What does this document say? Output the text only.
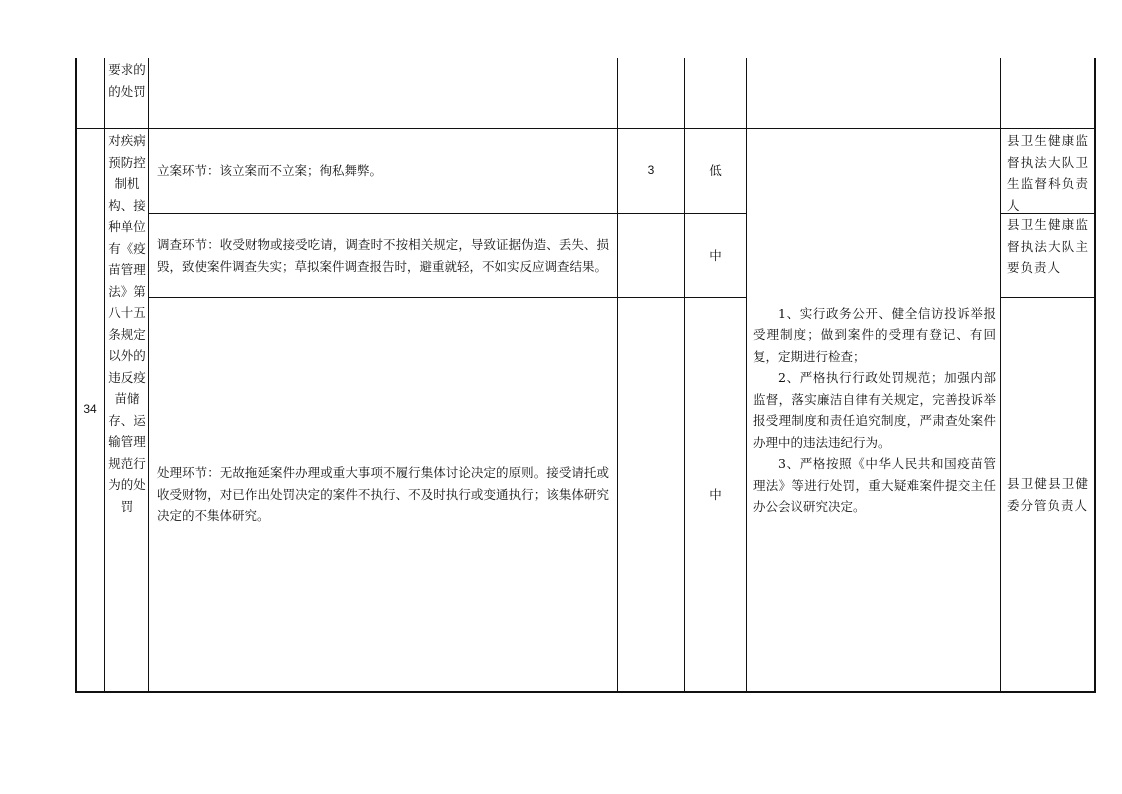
要求的的处罚
34
对疾病预防控制机构、接种单位有《疫苗管理法》第八十五条规定以外的违反疫苗储存、运输管理规范行为的处罚
立案环节：该立案而不立案；徇私舞弊。	3	低
县卫生健康监督执法大队卫生监督科负责人
调查环节：收受财物或接受吃请，调查时不按相关规定，导致证据伪造、丢失、损毁，致使案件调查失实；草拟案件调查报告时，避重就轻，不如实反应调查结果。
中
县卫生健康监督执法大队主要负责人
处理环节：无故拖延案件办理或重大事项不履行集体讨论决定的原则。接受请托或收受财物，对已作出处罚决定的案件不执行、不及时执行或变通执行；该集体研究决定的不集体研究。
中
县卫健县卫健委分管负责人

1、实行政务公开、健全信访投诉举报受理制度；做到案件的受理有登记、有回复，定期进行检查；

2、严格执行行政处罚规范；加强内部监督，落实廉洁自律有关规定，完善投诉举报受理制度和责任追究制度，严肃查处案件办理中的违法违纪行为。

3、严格按照《中华人民共和国疫苗管理法》等进行处罚，重大疑难案件提交主任办公会议研究决定。
